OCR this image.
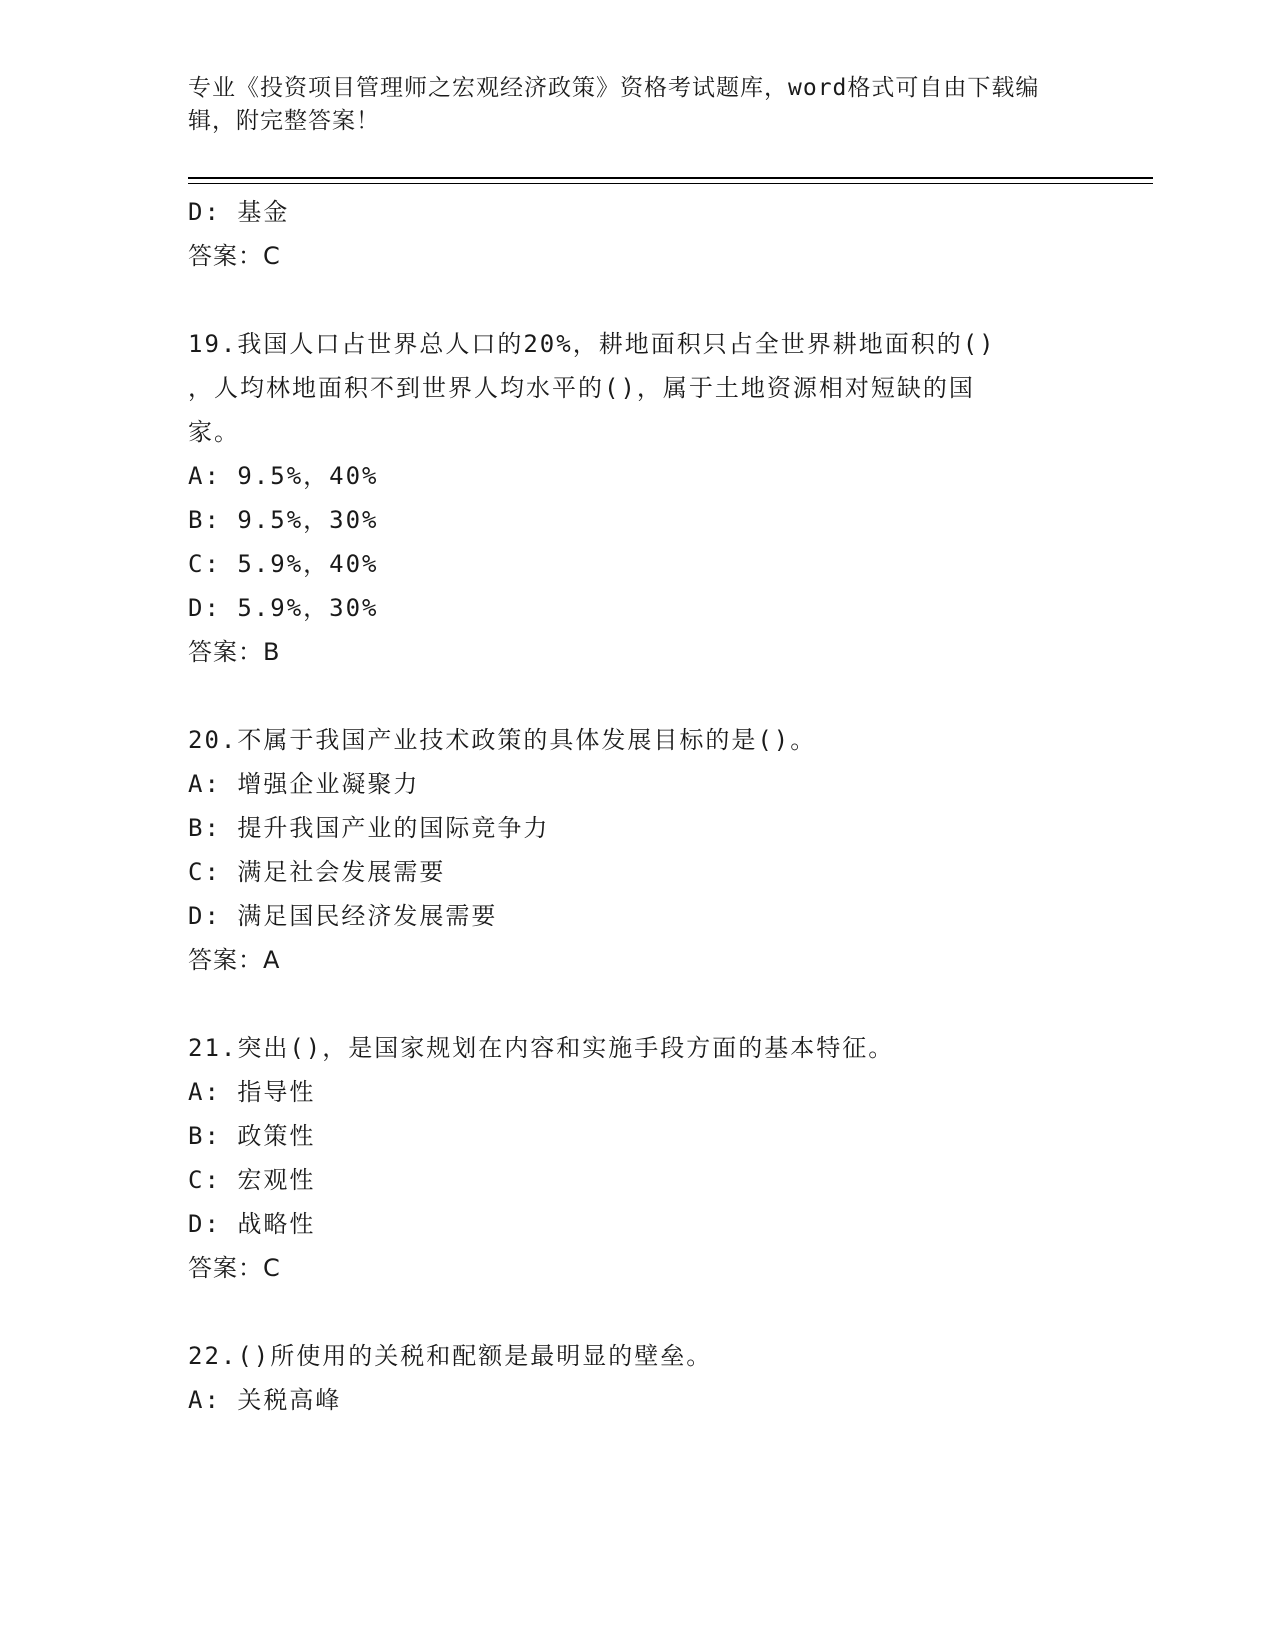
专业《投资项目管理师之宏观经济政策》资格考试题库，word格式可自由下载编辑，附完整答案！
D: 基金
答案：C
19.我国人口占世界总人口的20%，耕地面积只占全世界耕地面积的()
，人均林地面积不到世界人均水平的()，属于土地资源相对短缺的国
家。
A: 9.5%，40%
B: 9.5%，30%
C: 5.9%，40%
D: 5.9%，30%
答案：B
20.不属于我国产业技术政策的具体发展目标的是()。
A: 增强企业凝聚力
B: 提升我国产业的国际竞争力
C: 满足社会发展需要
D: 满足国民经济发展需要
答案：A
21.突出()，是国家规划在内容和实施手段方面的基本特征。
A: 指导性
B: 政策性
C: 宏观性
D: 战略性
答案：C
22.()所使用的关税和配额是最明显的壁垒。
A: 关税高峰
